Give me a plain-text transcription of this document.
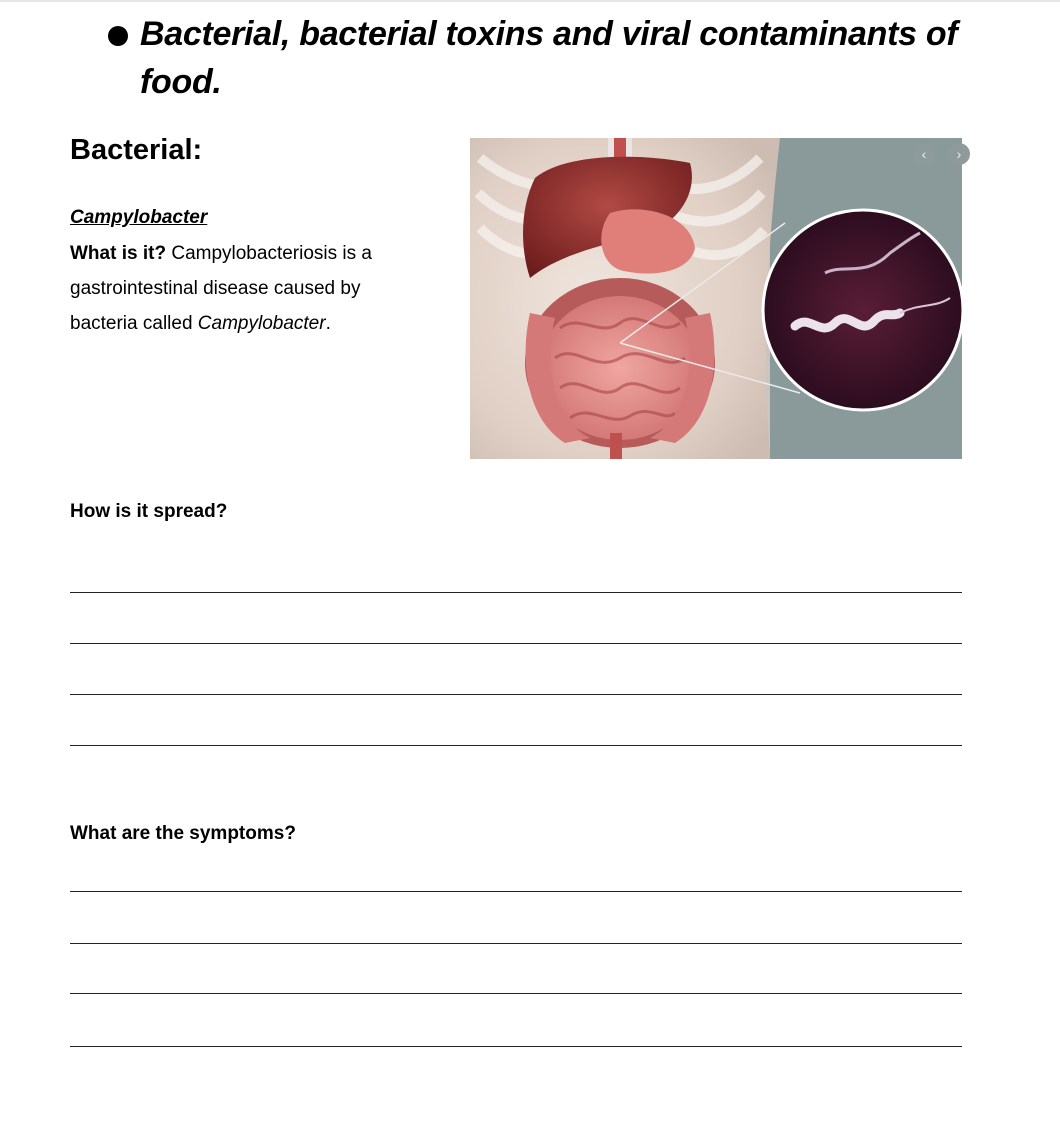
Bacterial, bacterial toxins and viral contaminants of food.
Bacterial:
Campylobacter
What is it? Campylobacteriosis is a gastrointestinal disease caused by bacteria called Campylobacter.
‹	›
How is it spread?
What are the symptoms?
